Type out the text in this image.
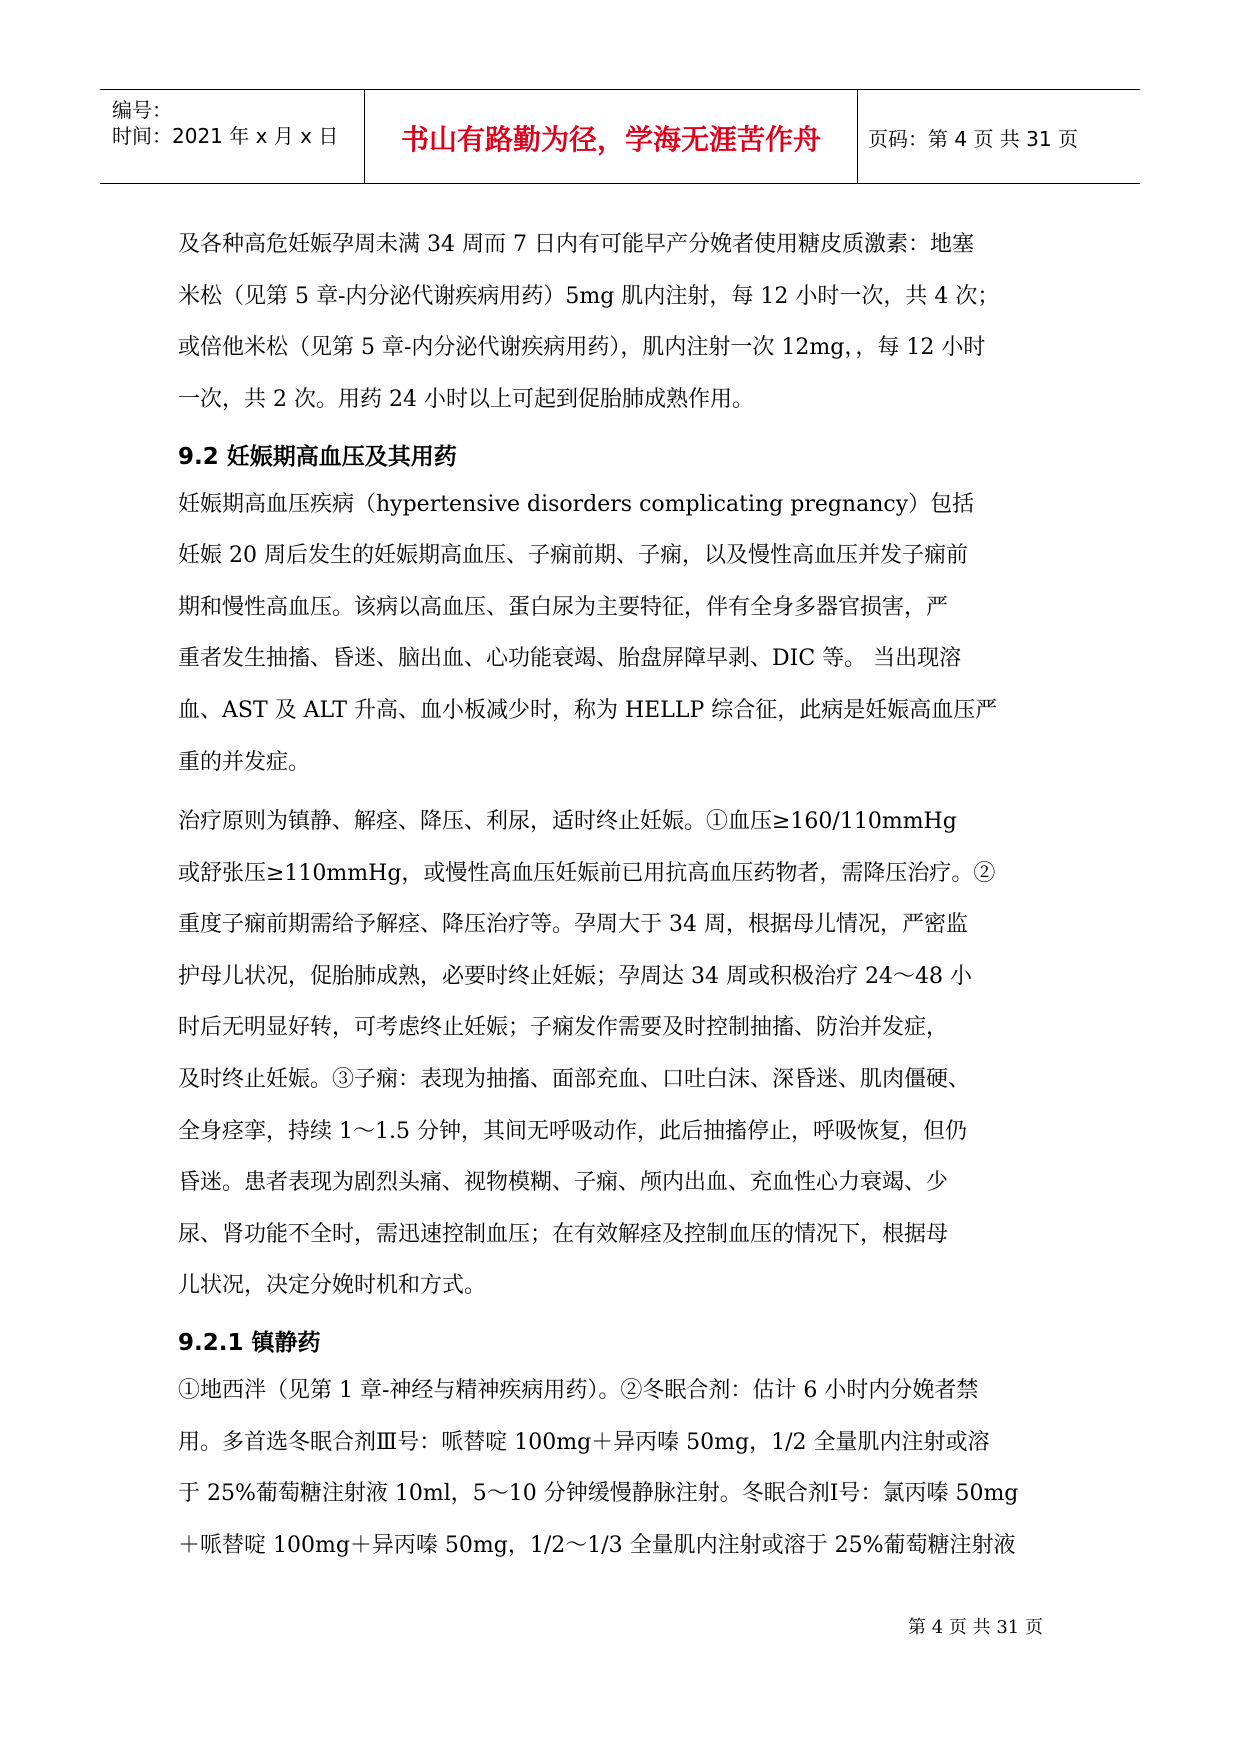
编号：
时间：2021 年 x 月 x 日	书山有路勤为径，学海无涯苦作舟	页码：第 4 页 共 31 页
及各种高危妊娠孕周未满 34 周而 7 日内有可能早产分娩者使用糖皮质激素：地塞
米松（见第 5 章-内分泌代谢疾病用药）5mg 肌内注射，每 12 小时一次，共 4 次；
或倍他米松（见第 5 章-内分泌代谢疾病用药），肌内注射一次 12mg，，每 12 小时
一次，共 2 次。用药 24 小时以上可起到促胎肺成熟作用。
9.2 妊娠期高血压及其用药
妊娠期高血压疾病（hypertensive disorders complicating pregnancy）包括
妊娠 20 周后发生的妊娠期高血压、子痫前期、子痫，以及慢性高血压并发子痫前
期和慢性高血压。该病以高血压、蛋白尿为主要特征，伴有全身多器官损害，严
重者发生抽搐、昏迷、脑出血、心功能衰竭、胎盘屏障早剥、DIC 等。 当出现溶
血、AST 及 ALT 升高、血小板减少时，称为 HELLP 综合征，此病是妊娠高血压严
重的并发症。
治疗原则为镇静、解痉、降压、利尿，适时终止妊娠。①血压≥160/110mmHg
或舒张压≥110mmHg，或慢性高血压妊娠前已用抗高血压药物者，需降压治疗。②
重度子痫前期需给予解痉、降压治疗等。孕周大于 34 周，根据母儿情况，严密监
护母儿状况，促胎肺成熟，必要时终止妊娠；孕周达 34 周或积极治疗 24～48 小
时后无明显好转，可考虑终止妊娠；子痫发作需要及时控制抽搐、防治并发症，
及时终止妊娠。③子痫：表现为抽搐、面部充血、口吐白沫、深昏迷、肌肉僵硬、
全身痉挛，持续 1～1.5 分钟，其间无呼吸动作，此后抽搐停止，呼吸恢复，但仍
昏迷。患者表现为剧烈头痛、视物模糊、子痫、颅内出血、充血性心力衰竭、少
尿、肾功能不全时，需迅速控制血压；在有效解痉及控制血压的情况下，根据母
儿状况，决定分娩时机和方式。
9.2.1 镇静药
①地西泮（见第 1 章-神经与精神疾病用药）。②冬眠合剂：估计 6 小时内分娩者禁
用。多首选冬眠合剂Ⅲ号：哌替啶 100mg＋异丙嗪 50mg，1/2 全量肌内注射或溶
于 25%葡萄糖注射液 10ml，5～10 分钟缓慢静脉注射。冬眠合剂Ⅰ号：氯丙嗪 50mg
＋哌替啶 100mg＋异丙嗪 50mg，1/2～1/3 全量肌内注射或溶于 25%葡萄糖注射液
第 4 页 共 31 页
